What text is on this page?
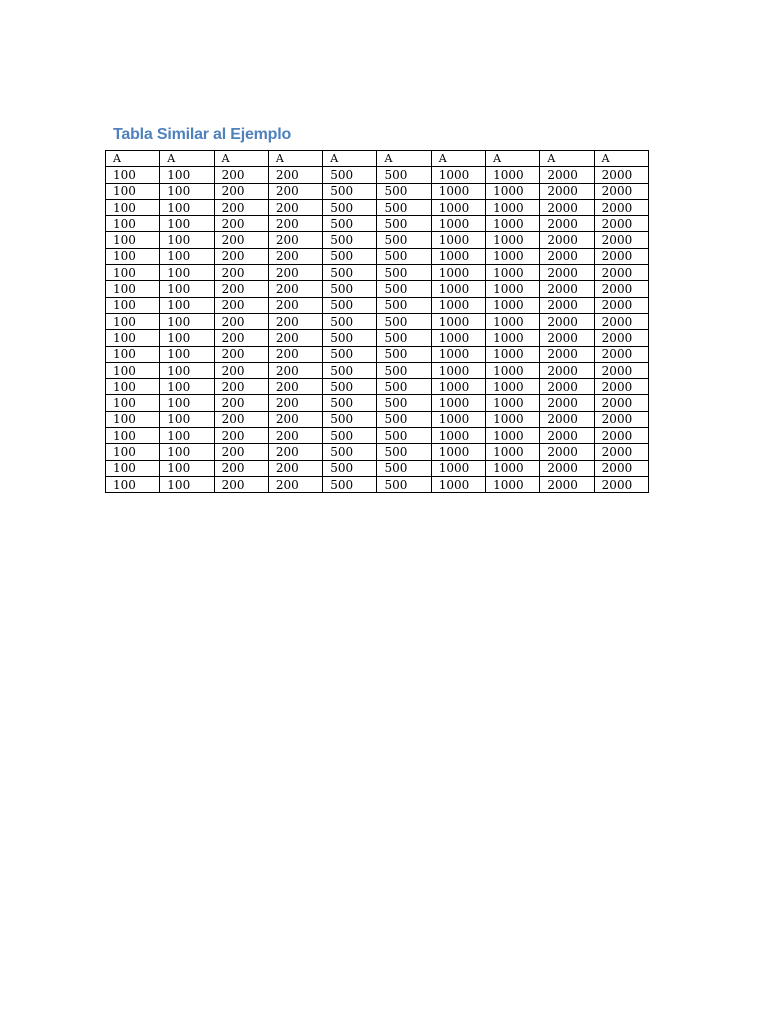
Tabla Similar al Ejemplo
A	A	A	A	A	A	A	A	A	A
100	100	200	200	500	500	1000	1000	2000	2000
100	100	200	200	500	500	1000	1000	2000	2000
100	100	200	200	500	500	1000	1000	2000	2000
100	100	200	200	500	500	1000	1000	2000	2000
100	100	200	200	500	500	1000	1000	2000	2000
100	100	200	200	500	500	1000	1000	2000	2000
100	100	200	200	500	500	1000	1000	2000	2000
100	100	200	200	500	500	1000	1000	2000	2000
100	100	200	200	500	500	1000	1000	2000	2000
100	100	200	200	500	500	1000	1000	2000	2000
100	100	200	200	500	500	1000	1000	2000	2000
100	100	200	200	500	500	1000	1000	2000	2000
100	100	200	200	500	500	1000	1000	2000	2000
100	100	200	200	500	500	1000	1000	2000	2000
100	100	200	200	500	500	1000	1000	2000	2000
100	100	200	200	500	500	1000	1000	2000	2000
100	100	200	200	500	500	1000	1000	2000	2000
100	100	200	200	500	500	1000	1000	2000	2000
100	100	200	200	500	500	1000	1000	2000	2000
100	100	200	200	500	500	1000	1000	2000	2000
